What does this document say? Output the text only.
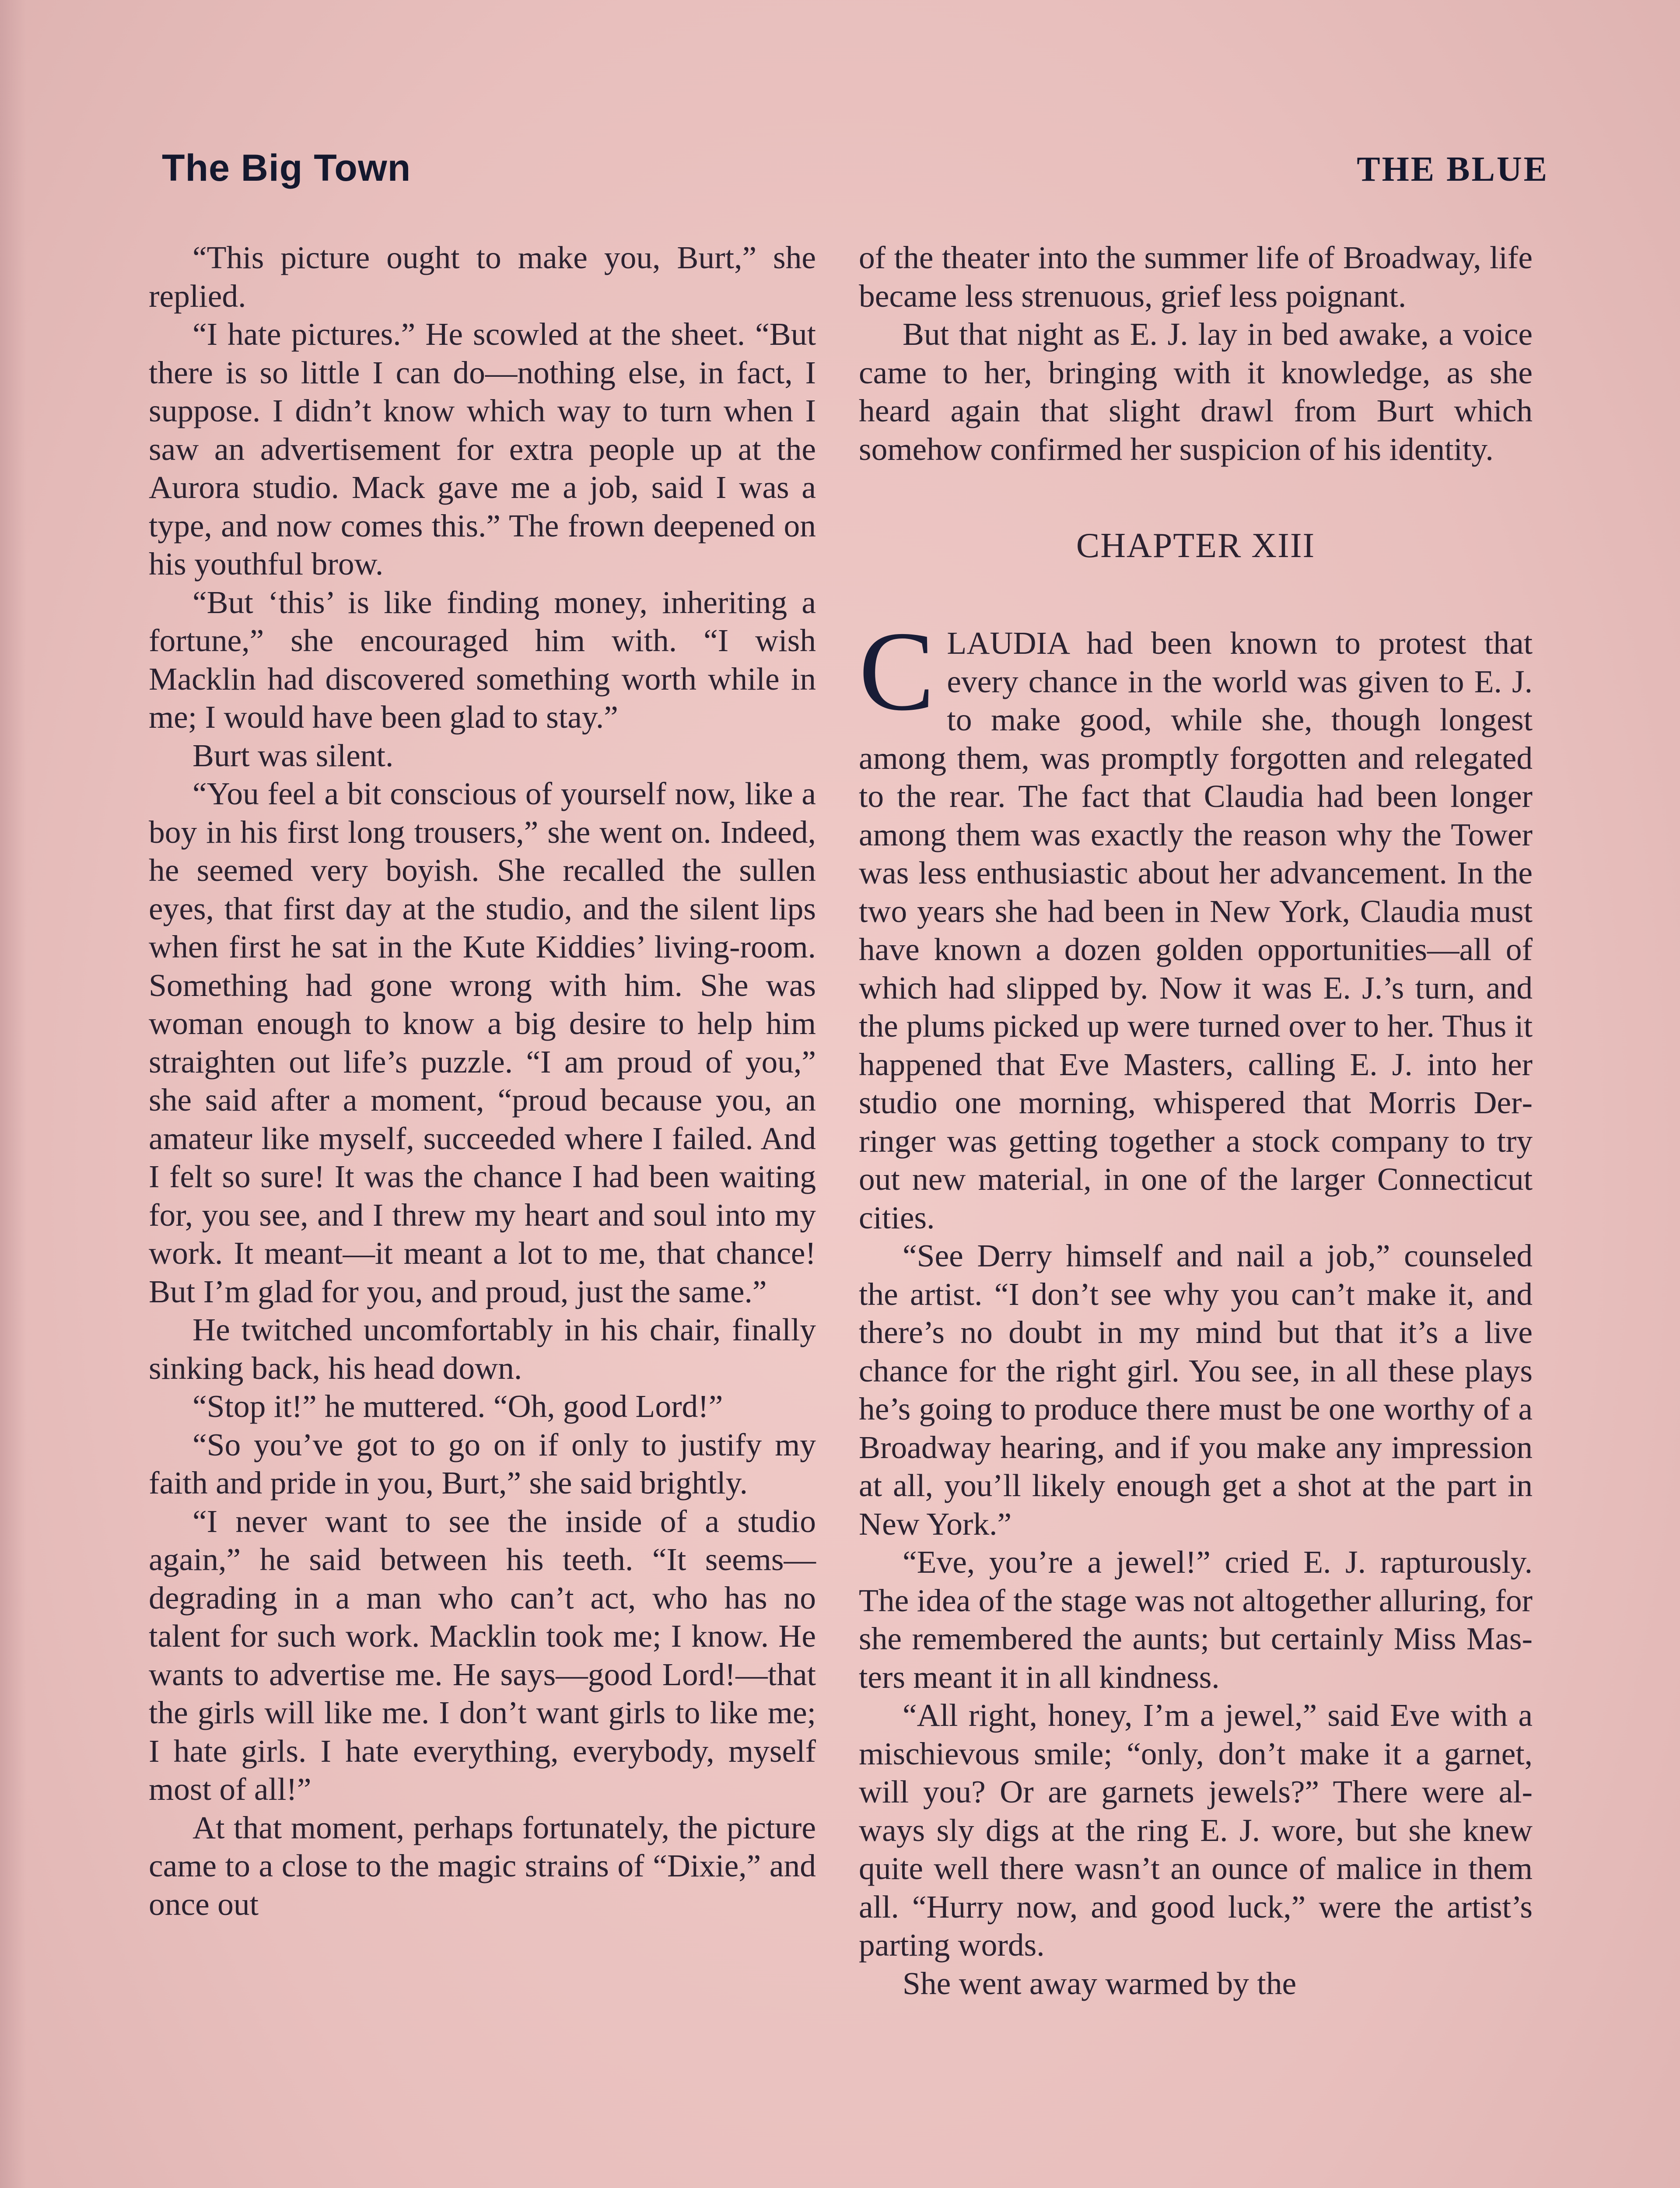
The Big Town	THE BLUE

“This picture ought to make you, Burt,” she replied.

“I hate pictures.” He scowled at the sheet. “But there is so little I can do—nothing else, in fact, I suppose. I didn’t know which way to turn when I saw an advertisement for extra people up at the Aurora studio. Mack gave me a job, said I was a type, and now comes this.” The frown deepened on his youthful brow.

“But ‘this’ is like finding money, inheriting a fortune,” she encouraged him with. “I wish Macklin had discovered something worth while in me; I would have been glad to stay.”

Burt was silent.

“You feel a bit conscious of yourself now, like a boy in his first long trousers,” she went on. Indeed, he seemed very boyish. She recalled the sullen eyes, that first day at the studio, and the silent lips when first he sat in the Kute Kiddies’ living-room. Something had gone wrong with him. She was woman enough to know a big desire to help him straighten out life’s puzzle. “I am proud of you,” she said after a moment, “proud because you, an amateur like myself, succeeded where I failed. And I felt so sure! It was the chance I had been waiting for, you see, and I threw my heart and soul into my work. It meant—it meant a lot to me, that chance! But I’m glad for you, and proud, just the same.”

He twitched uncomfortably in his chair, finally sinking back, his head down.

“Stop it!” he muttered. “Oh, good Lord!”

“So you’ve got to go on if only to justify my faith and pride in you, Burt,” she said brightly.

“I never want to see the inside of a studio again,” he said between his teeth. “It seems—degrading in a man who can’t act, who has no talent for such work. Macklin took me; I know. He wants to advertise me. He says—good Lord!—that the girls will like me. I don’t want girls to like me; I hate girls. I hate everything, everybody, myself most of all!”

At that moment, perhaps fortunately, the picture came to a close to the magic strains of “Dixie,” and once out

of the theater into the summer life of Broadway, life became less strenuous, grief less poignant.

But that night as E. J. lay in bed awake, a voice came to her, bringing with it knowledge, as she heard again that slight drawl from Burt which somehow confirmed her suspicion of his identity.

CHAPTER XIII

CLAUDIA had been known to protest that every chance in the world was given to E. J. to make good, while she, though longest among them, was promptly forgotten and relegated to the rear. The fact that Claudia had been longer among them was exactly the reason why the Tower was less enthusiastic about her advancement. In the two years she had been in New York, Claudia must have known a dozen golden opportunities—all of which had slipped by. Now it was E. J.’s turn, and the plums picked up were turned over to her. Thus it happened that Eve Masters, calling E. J. into her studio one morning, whispered that Morris Derringer was getting together a stock company to try out new material, in one of the larger Connecticut cities.

“See Derry himself and nail a job,” counseled the artist. “I don’t see why you can’t make it, and there’s no doubt in my mind but that it’s a live chance for the right girl. You see, in all these plays he’s going to produce there must be one worthy of a Broadway hearing, and if you make any impression at all, you’ll likely enough get a shot at the part in New York.”

“Eve, you’re a jewel!” cried E. J. rapturously. The idea of the stage was not altogether alluring, for she remembered the aunts; but certainly Miss Masters meant it in all kindness.

“All right, honey, I’m a jewel,” said Eve with a mischievous smile; “only, don’t make it a garnet, will you? Or are garnets jewels?” There were always sly digs at the ring E. J. wore, but she knew quite well there wasn’t an ounce of malice in them all. “Hurry now, and good luck,” were the artist’s parting words.

She went away warmed by the
